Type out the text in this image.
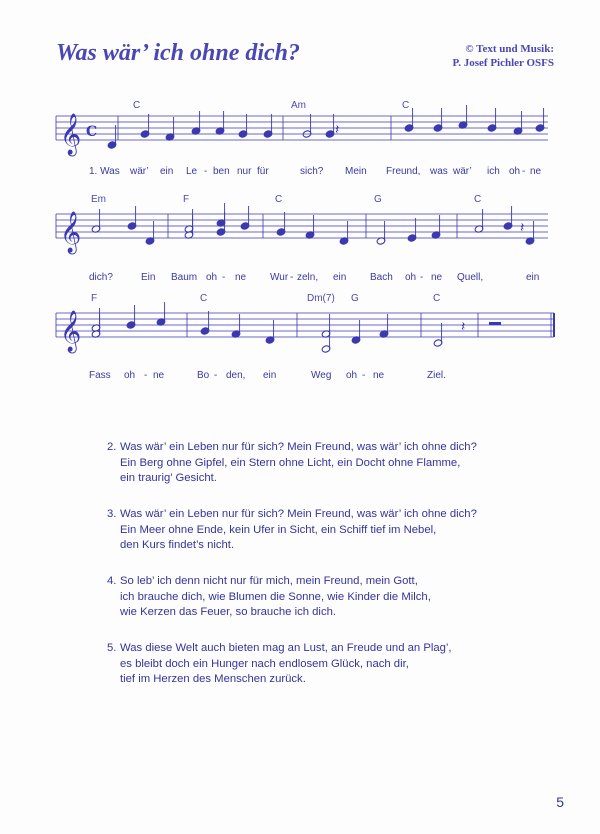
Was wär’ ich ohne dich?	© Text und Musik:
P. Josef Pichler OSFS
𝄞 C
𝄞
𝄞
𝄽
𝄽
𝄽
C	Am	C
1. Was wär’ ein Le - ben nur für	sich? Mein Freund, was wär’ ich oh - ne
Em	F	C	G	C
dich?	Ein Baum oh - ne Wur - zeln, ein Bach oh - ne Quell,	ein
F	C	Dm(7) G	C
Fass oh - ne	Bo - den, ein	Weg oh - ne	Ziel.
2. Was wär’ ein Leben nur für sich? Mein Freund, was wär’ ich ohne dich?
Ein Berg ohne Gipfel, ein Stern ohne Licht, ein Docht ohne Flamme,
ein traurig’ Gesicht.
3. Was wär’ ein Leben nur für sich? Mein Freund, was wär’ ich ohne dich?
Ein Meer ohne Ende, kein Ufer in Sicht, ein Schiff tief im Nebel,
den Kurs findet’s nicht.
4. So leb’ ich denn nicht nur für mich, mein Freund, mein Gott,
ich brauche dich, wie Blumen die Sonne, wie Kinder die Milch,
wie Kerzen das Feuer, so brauche ich dich.
5. Was diese Welt auch bieten mag an Lust, an Freude und an Plag’,
es bleibt doch ein Hunger nach endlosem Glück, nach dir,
tief im Herzen des Menschen zurück.
5
